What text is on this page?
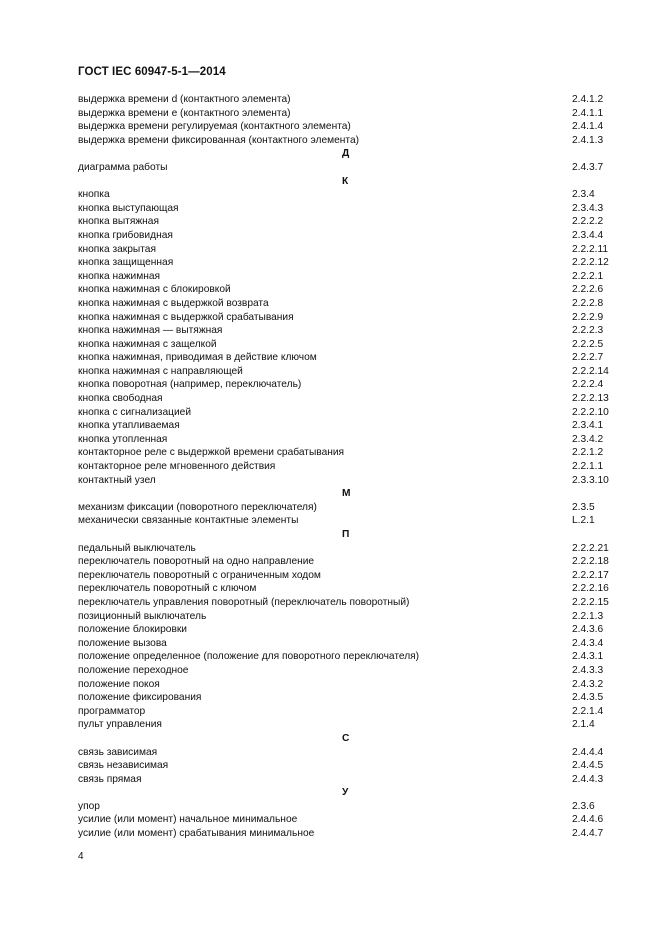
ГОСТ IEC 60947-5-1—2014
выдержка времени d (контактного элемента)	2.4.1.2
выдержка времени e (контактного элемента)	2.4.1.1
выдержка времени регулируемая (контактного элемента)	2.4.1.4
выдержка времени фиксированная (контактного элемента)	2.4.1.3
Д
диаграмма работы	2.4.3.7
К
кнопка	2.3.4
кнопка выступающая	2.3.4.3
кнопка вытяжная	2.2.2.2
кнопка грибовидная	2.3.4.4
кнопка закрытая	2.2.2.11
кнопка защищенная	2.2.2.12
кнопка нажимная	2.2.2.1
кнопка нажимная с блокировкой	2.2.2.6
кнопка нажимная с выдержкой возврата	2.2.2.8
кнопка нажимная с выдержкой срабатывания	2.2.2.9
кнопка нажимная — вытяжная	2.2.2.3
кнопка нажимная с защелкой	2.2.2.5
кнопка нажимная, приводимая в действие ключом	2.2.2.7
кнопка нажимная с направляющей	2.2.2.14
кнопка поворотная (например, переключатель)	2.2.2.4
кнопка свободная	2.2.2.13
кнопка с сигнализацией	2.2.2.10
кнопка утапливаемая	2.3.4.1
кнопка утопленная	2.3.4.2
контакторное реле с выдержкой времени срабатывания	2.2.1.2
контакторное реле мгновенного действия	2.2.1.1
контактный узел	2.3.3.10
М
механизм фиксации (поворотного переключателя)	2.3.5
механически связанные контактные элементы	L.2.1
П
педальный выключатель	2.2.2.21
переключатель поворотный на одно направление	2.2.2.18
переключатель поворотный с ограниченным ходом	2.2.2.17
переключатель поворотный с ключом	2.2.2.16
переключатель управления поворотный (переключатель поворотный)	2.2.2.15
позиционный выключатель	2.2.1.3
положение блокировки	2.4.3.6
положение вызова	2.4.3.4
положение определенное (положение для поворотного переключателя)	2.4.3.1
положение переходное	2.4.3.3
положение покоя	2.4.3.2
положение фиксирования	2.4.3.5
программатор	2.2.1.4
пульт управления	2.1.4
С
связь зависимая	2.4.4.4
связь независимая	2.4.4.5
связь прямая	2.4.4.3
У
упор	2.3.6
усилие (или момент) начальное минимальное	2.4.4.6
усилие (или момент) срабатывания минимальное	2.4.4.7
4
